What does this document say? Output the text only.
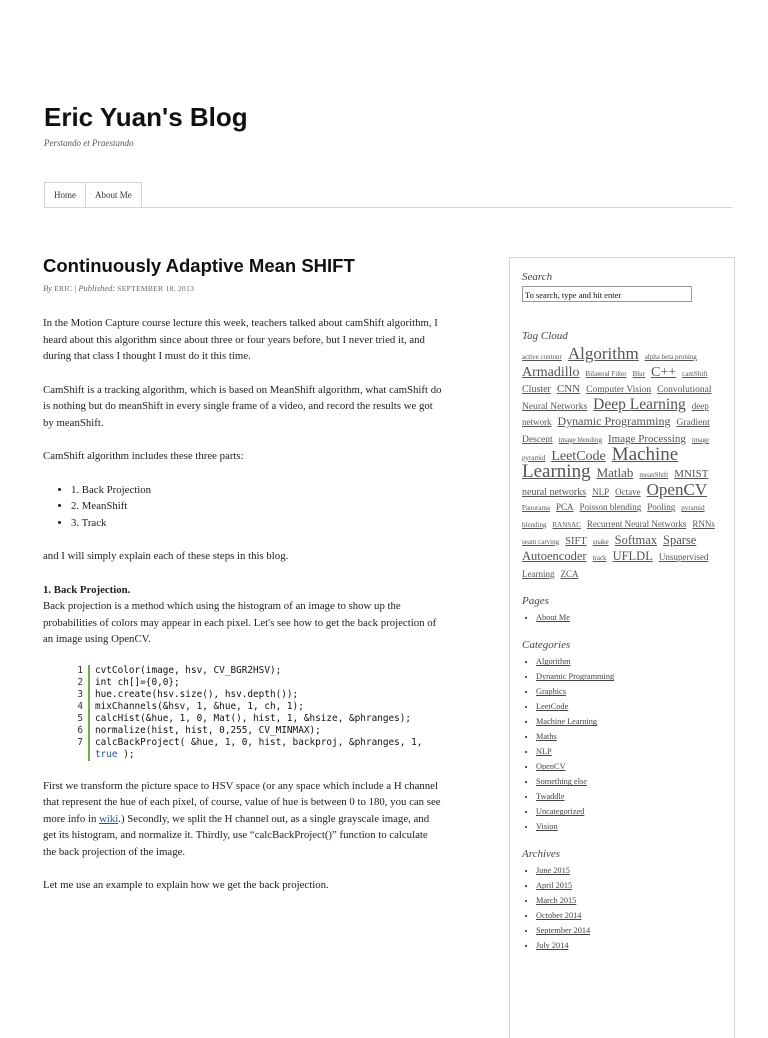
Eric Yuan's Blog
Perstando et Praestando
Home	About Me
Continuously Adaptive Mean SHIFT
By ERIC | Published: SEPTEMBER 18, 2013

In the Motion Capture course lecture this week, teachers talked about camShift algorithm, I heard about this algorithm since about three or four years before, but I never tried it, and during that class I thought I must do it this time.

CamShift is a tracking algorithm, which is based on MeanShift algorithm, what camShift do is nothing but do meanShift in every single frame of a video, and record the results we got by meanShift.

CamShift algorithm includes these three parts:

• 1. Back Projection
• 2. MeanShift
• 3. Track

and I will simply explain each of these steps in this blog.

1. Back Projection.

Back projection is a method which using the histogram of an image to show up the probabilities of colors may appear in each pixel. Let's see how to get the back projection of an image using OpenCV.

1	cvtColor(image, hsv, CV_BGR2HSV);
2	int ch[]={0,0};
3	hue.create(hsv.size(), hsv.depth());
4	mixChannels(&hsv, 1, &hue, 1, ch, 1);
5	calcHist(&hue, 1, 0, Mat(), hist, 1, &hsize, &phranges);
6	normalize(hist, hist, 0,255, CV_MINMAX);
7	calcBackProject( &hue, 1, 0, hist, backproj, &phranges, 1,
true );

First we transform the picture space to HSV space (or any space which include a H channel that represent the hue of each pixel, of course, value of hue is between 0 to 180, you can see more info in wiki.) Secondly, we split the H channel out, as a single grayscale image, and get its histogram, and normalize it. Thirdly, use “calcBackProject()” function to calculate the back projection of the image.

Let me use an example to explain how we get the back projection.

Search
To search, type and hit enter
Tag Cloud
active contour Algorithm alpha beta pruning Armadillo Bilateral Filter Blur C++ camShift Cluster CNN Computer Vision Convolutional Neural Networks Deep Learning deep network Dynamic Programming Gradient Descent image blending Image Processing image pyramid LeetCode Machine Learning Matlab meanShift MNIST neural networks NLP Octave OpenCV Panorama PCA Poisson blending Pooling pyramid blending RANSAC Recurrent Neural Networks RNNs seam carving SIFT snake Softmax Sparse Autoencoder track UFLDL Unsupervised Learning ZCA
Pages
• About Me
Categories
• Algorithm
• Dynamic Programming
• Graphics
• LeetCode
• Machine Learning
• Maths
• NLP
• OpenCV
• Something else
• Twaddle
• Uncategorized
• Vision
Archives
• June 2015
• April 2015
• March 2015
• October 2014
• September 2014
• July 2014
